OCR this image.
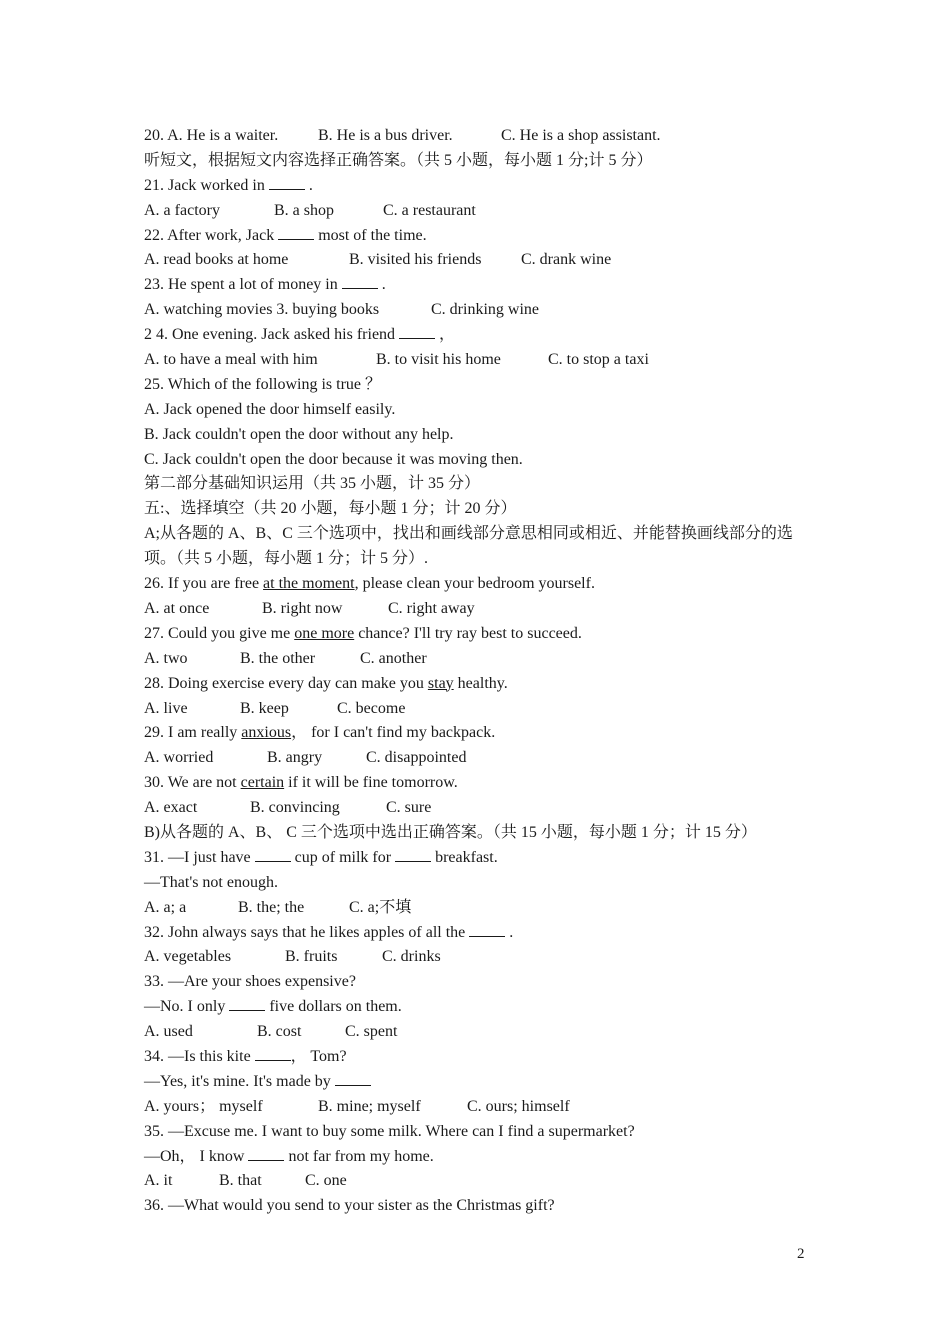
20. A. He is a waiter. B. He is a bus driver.	C. He is a shop assistant.
听短文，根据短文内容选择正确答案。（共 5 小题，每小题 1 分;计 5 分）
21. Jack worked in  .
A. a factory	B. a shop	C. a restaurant
22. After work, Jack  most of the time.
A. read books at home	B. visited his friends C. drank wine
23. He spent a lot of money in  .
A. watching movies 3. buying books	C. drinking wine
2 4. One evening. Jack asked his friend  ，
A. to have a meal with him	B. to visit his home	C. to stop a taxi
25. Which of the following is true ？
A. Jack opened the door himself easily.
B. Jack couldn't open the door without any help.
C. Jack couldn't open the door because it was moving then.
第二部分基础知识运用（共 35 小题，计 35 分）
五:、选择填空（共 20 小题，每小题 1 分；计 20 分）
A;从各题的 A、B、C 三个选项中，找出和画线部分意思相同或相近、并能替换画线部分的选项。（共 5 小题，每小题 1 分；计 5 分）.
26. If you are free at the moment, please clean your bedroom yourself.
A. at once	B. right now	C. right away
27. Could you give me one more chance? I'll try ray best to succeed.
A. two	B. the other	C. another
28. Doing exercise every day can make you stay healthy.
A. live	B. keep	C. become
29. I am really anxious， for I can't find my backpack.
A. worried	B. angry	C. disappointed
30. We are not certain if it will be fine tomorrow.
A. exact	B. convincing	C. sure
B)从各题的 A、B、 C 三个选项中选出正确答案。（共 15 小题，每小题 1 分；计 15 分）
31. —I just have  cup of milk for  breakfast.
—That's not enough.
A. a; a	B. the; the	C. a;不填
32. John always says that he likes apples of all the  .
A. vegetables	B. fruits	C. drinks
33. —Are your shoes expensive?
—No. I only  five dollars on them.
A. used	B. cost	C. spent
34. —Is this kite ， Tom?
—Yes, it's mine. It's made by
A. yours； myself	B. mine; myself	C. ours; himself
35. —Excuse me. I want to buy some milk. Where can I find a supermarket?
—Oh， I know  not far from my home.
A. it	B. that	C. one
36. —What would you send to your sister as the Christmas gift?
2
